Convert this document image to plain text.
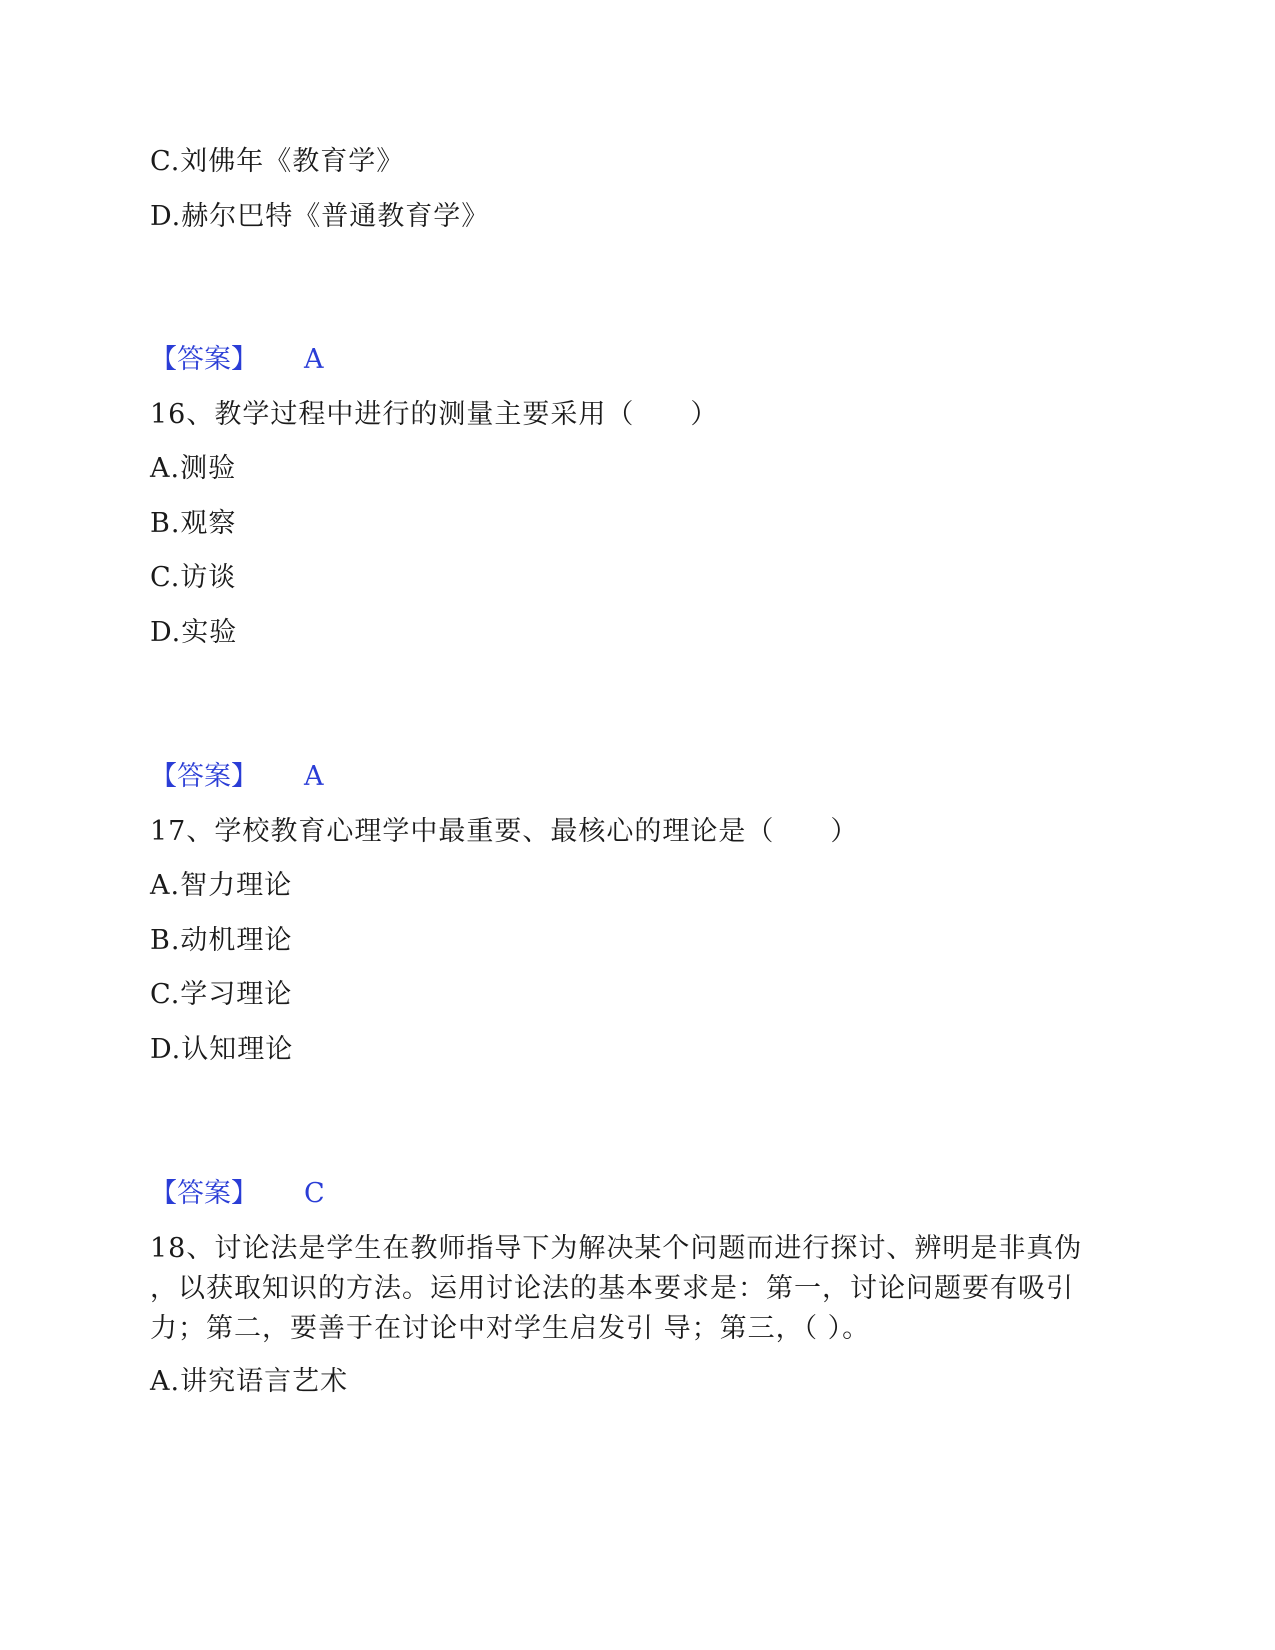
C.刘佛年《教育学》
D.赫尔巴特《普通教育学》
【答案】 A
16、教学过程中进行的测量主要采用（　　）
A.测验
B.观察
C.访谈
D.实验
【答案】 A
17、学校教育心理学中最重要、最核心的理论是（　　）
A.智力理论
B.动机理论
C.学习理论
D.认知理论
【答案】 C
18、讨论法是学生在教师指导下为解决某个问题而进行探讨、辨明是非真伪
，以获取知识的方法。运用讨论法的基本要求是：第一，讨论问题要有吸引
力；第二，要善于在讨论中对学生启发引 导；第三，（ ）。
A.讲究语言艺术
